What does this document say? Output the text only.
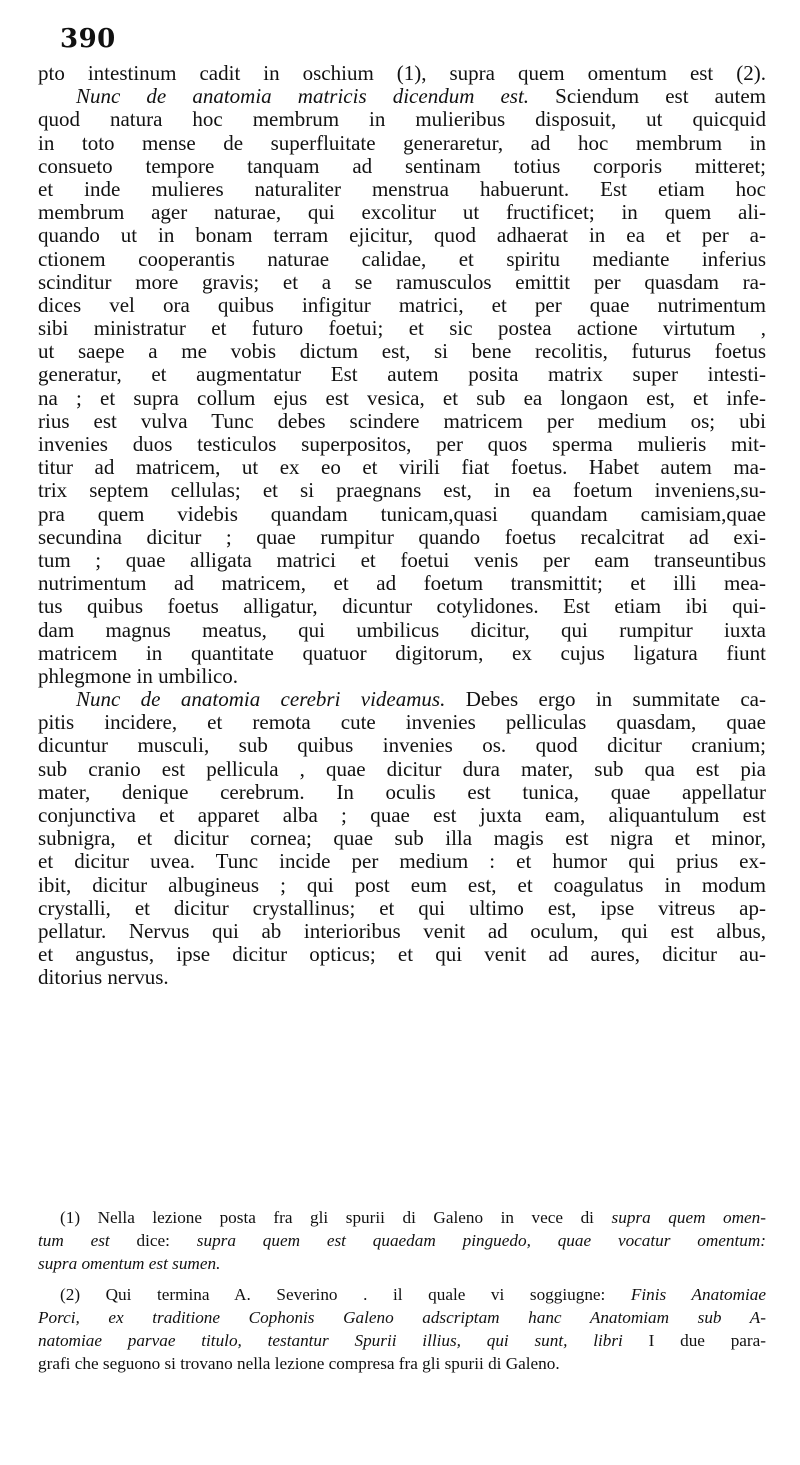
390
pto intestinum cadit in oschium (1), supra quem omentum est (2).
Nunc de anatomia matricis dicendum est. Sciendum est autem
quod natura hoc membrum in mulieribus disposuit, ut quicquid
in toto mense de superfluitate generaretur, ad hoc membrum in
consueto tempore tanquam ad sentinam totius corporis mitteret;
et inde mulieres naturaliter menstrua habuerunt. Est etiam hoc
membrum ager naturae, qui excolitur ut fructificet; in quem ali-
quando ut in bonam terram ejicitur, quod adhaerat in ea et per a-
ctionem cooperantis naturae calidae, et spiritu mediante inferius
scinditur more gravis; et a se ramusculos emittit per quasdam ra-
dices vel ora quibus infigitur matrici, et per quae nutrimentum
sibi ministratur et futuro foetui; et sic postea actione virtutum ,
ut saepe a me vobis dictum est, si bene recolitis, futurus foetus
generatur, et augmentatur Est autem posita matrix super intesti-
na ; et supra collum ejus est vesica, et sub ea longaon est, et infe-
rius est vulva Tunc debes scindere matricem per medium os; ubi
invenies duos testiculos superpositos, per quos sperma mulieris mit-
titur ad matricem, ut ex eo et virili fiat foetus. Habet autem ma-
trix septem cellulas; et si praegnans est, in ea foetum inveniens,su-
pra quem videbis quandam tunicam,quasi quandam camisiam,quae
secundina dicitur ; quae rumpitur quando foetus recalcitrat ad exi-
tum ; quae alligata matrici et foetui venis per eam transeuntibus
nutrimentum ad matricem, et ad foetum transmittit; et illi mea-
tus quibus foetus alligatur, dicuntur cotylidones. Est etiam ibi qui-
dam magnus meatus, qui umbilicus dicitur, qui rumpitur iuxta
matricem in quantitate quatuor digitorum, ex cujus ligatura fiunt
phlegmone in umbilico.
Nunc de anatomia cerebri videamus. Debes ergo in summitate ca-
pitis incidere, et remota cute invenies pelliculas quasdam, quae
dicuntur musculi, sub quibus invenies os. quod dicitur cranium;
sub cranio est pellicula , quae dicitur dura mater, sub qua est pia
mater, denique cerebrum. In oculis est tunica, quae appellatur
conjunctiva et apparet alba ; quae est juxta eam, aliquantulum est
subnigra, et dicitur cornea; quae sub illa magis est nigra et minor,
et dicitur uvea. Tunc incide per medium : et humor qui prius ex-
ibit, dicitur albugineus ; qui post eum est, et coagulatus in modum
crystalli, et dicitur crystallinus; et qui ultimo est, ipse vitreus ap-
pellatur. Nervus qui ab interioribus venit ad oculum, qui est albus,
et angustus, ipse dicitur opticus; et qui venit ad aures, dicitur au-
ditorius nervus.
(1) Nella lezione posta fra gli spurii di Galeno in vece di supra quem omen-
tum est dice: supra quem est quaedam pinguedo, quae vocatur omentum:
supra omentum est sumen.
(2) Qui termina A. Severino . il quale vi soggiugne: Finis Anatomiae
Porci, ex traditione Cophonis Galeno adscriptam hanc Anatomiam sub A-
natomiae parvae titulo, testantur Spurii illius, qui sunt, libri I due para-
grafi che seguono si trovano nella lezione compresa fra gli spurii di Galeno.
